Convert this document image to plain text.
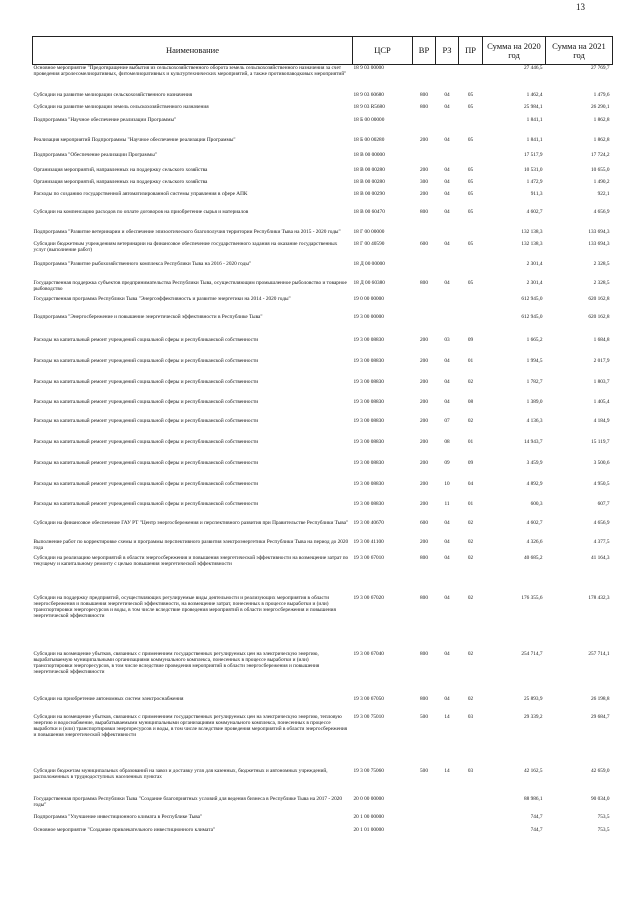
13
Наименование	ЦСР	ВР	РЗ	ПР	Сумма на 2020 год	Сумма на 2021 год
Основное мероприятие "Предотвращение выбытия из сельскохозяйственного оборота земель сельскохозяйственного назначения за счет проведения агролесомелиоративных, фитомелиоративных и культуртехнических мероприятий, а также противопаводковых мероприятий"	18 9 03 00000				27 446,5	27 769,7
Субсидии на развитие мелиорации сельскохозяйственного назначения	18 9 03 60680	800	04	05	1 462,4	1 479,6
Субсидии на развитие мелиорации земель сельскохозяйственного назначения	18 9 03 R5680	800	04	05	25 984,1	26 290,1
Подпрограмма "Научное обеспечение реализации Программы"	18 Б 00 00000				1 841,1	1 862,8
Реализация мероприятий Подпрограммы "Научное обеспечение реализации Программы"	18 Б 00 00280	200	04	05	1 841,1	1 862,8
Подпрограмма "Обеспечение реализации Программы"	18 В 00 00000				17 517,9	17 724,2
Организация мероприятий, направленных на поддержку сельского хозяйства	18 В 00 00280	200	04	05	10 531,0	10 655,0
Организация мероприятий, направленных на поддержку сельского хозяйства	18 В 00 00280	300	04	05	1 472,9	1 490,2
Расходы по созданию государственной автоматизированной системы управления в сфере АПК	18 В 00 00290	200	04	05	911,3	922,1
Субсидии на компенсацию расходов по оплате договоров на приобретение сырья и материалов	18 В 00 60470	800	04	05	4 602,7	4 656,9
Подпрограмма "Развитие ветеринарии и обеспечение эпизоотического благополучия территории Республики Тыва на 2015 - 2020 годы"	18 Г 00 00000				132 138,3	133 694,3
Субсидии бюджетным учреждениям ветеринарии на финансовое обеспечение государственного задания на оказание государственных услуг (выполнение работ)	18 Г 00 40590	600	04	05	132 138,3	133 694,3
Подпрограмма "Развитие рыбохозяйственного комплекса Республики Тыва на 2016 - 2020 годы"	18 Д 00 00000				2 301,4	2 328,5
Государственная поддержка субъектов предпринимательства Республики Тыва, осуществляющим промышленное рыболовство и товарное рыбоводство	18 Д 00 60380	800	04	05	2 301,4	2 328,5
Государственная программа Республики Тыва "Энергоэффективность и развитие энергетики на 2014 - 2020 годы"	19 0 00 00000				612 945,0	620 162,8
Подпрограмма "Энергосбережение и повышение энергетической эффективности в Республике Тыва"	19 3 00 00000				612 945,0	620 162,8
Расходы на капитальный ремонт учреждений социальной сферы и республиканской собственности	19 3 00 08830	200	03	09	1 665,2	1 684,8
Расходы на капитальный ремонт учреждений социальной сферы и республиканской собственности	19 3 00 08830	200	04	01	1 994,5	2 017,9
Расходы на капитальный ремонт учреждений социальной сферы и республиканской собственности	19 3 00 08830	200	04	02	1 782,7	1 803,7
Расходы на капитальный ремонт учреждений социальной сферы и республиканской собственности	19 3 00 08830	200	04	08	1 389,0	1 405,4
Расходы на капитальный ремонт учреждений социальной сферы и республиканской собственности	19 3 00 08830	200	07	02	4 136,3	4 184,9
Расходы на капитальный ремонт учреждений социальной сферы и республиканской собственности	19 3 00 08830	200	08	01	14 943,7	15 119,7
Расходы на капитальный ремонт учреждений социальной сферы и республиканской собственности	19 3 00 08830	200	09	09	3 459,9	3 500,6
Расходы на капитальный ремонт учреждений социальной сферы и республиканской собственности	19 3 00 08830	200	10	04	4 892,9	4 950,5
Расходы на капитальный ремонт учреждений социальной сферы и республиканской собственности	19 3 00 08830	200	11	01	600,3	607,7
Субсидии на финансовое обеспечение ГАУ РТ "Центр энергосбережения и перспективного развития при Правительстве Республики Тыва"	19 3 00 40670	600	04	02	4 602,7	4 656,9
Выполнение работ по корректировке схемы и программы перспективного развития электроэнергетики Республики Тыва на период до 2020 года	19 3 00 41100	200	04	02	4 326,6	4 377,5
Субсидии на реализацию мероприятий в области энергосбережения и повышения энергетической эффективности на возмещение затрат по текущему и капитальному ремонту с целью повышения энергетической эффективности	19 3 00 67010	800	04	02	40 685,2	41 164,3
Субсидии на поддержку предприятий, осуществляющих регулируемые виды деятельности и реализующих мероприятия в области энергосбережения и повышения энергетической эффективности, на возмещение затрат, понесенных в процессе выработки и (или) транспортировки энергоресурсов и воды, в том числе вследствие проведения мероприятий в области энергосбережения и повышения энергетической эффективности	19 3 00 67020	800	04	02	176 355,6	178 432,3
Субсидии на возмещение убытков, связанных с применением государственных регулируемых цен на электрическую энергию, вырабатываемую муниципальными организациями коммунального комплекса, понесенных в процессе выработки и (или) транспортировки энергоресурсов, в том числе вследствие проведения мероприятий в области энергосбережения и повышения энергетической эффективности	19 3 00 67040	800	04	02	254 714,7	257 714,1
Субсидии на приобретение автономных систем электроснабжения	19 3 00 67050	800	04	02	25 893,9	26 198,8
Субсидии на возмещение убытков, связанных с применением государственных регулируемых цен на электрическую энергию, тепловую энергию и водоснабжение, вырабатываемыми муниципальными организациями коммунального комплекса, понесенных в процессе выработки и (или) транспортировки энергоресурсов и воды, в том числе вследствие проведения мероприятий в области энергосбережения и повышения энергетической эффективности	19 3 00 75010	500	14	03	29 339,2	29 684,7
Субсидии бюджетам муниципальных образований на завоз и доставку угля для казенных, бюджетных и автономных учреждений, расположенных в труднодоступных населенных пунктах	19 3 00 75060	500	14	03	42 162,5	42 659,0
Государственная программа Республики Тыва "Создание благоприятных условий для ведения бизнеса в Республике Тыва на 2017 - 2020 годы"	20 0 00 00000				88 986,1	90 034,0
Подпрограмма "Улучшение инвестиционного климата в Республике Тыва"	20 1 00 00000				744,7	753,5
Основное мероприятие "Создание привлекательного инвестиционного климата"	20 1 01 00000				744,7	753,5
